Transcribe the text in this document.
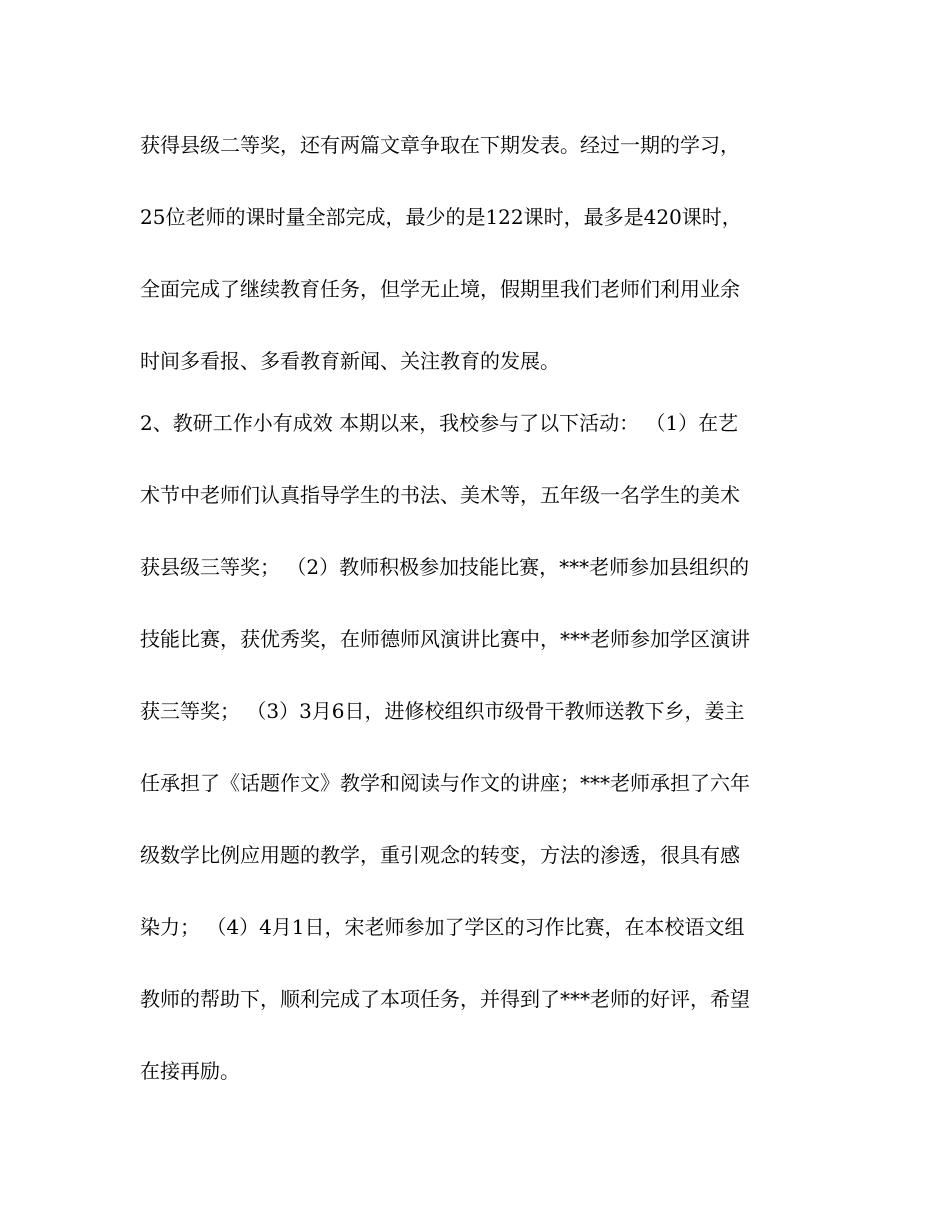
获得县级二等奖，还有两篇文章争取在下期发表。经过一期的学习，
25位老师的课时量全部完成，最少的是122课时，最多是420课时，
全面完成了继续教育任务，但学无止境，假期里我们老师们利用业余
时间多看报、多看教育新闻、关注教育的发展。
2、教研工作小有成效 本期以来，我校参与了以下活动： （1）在艺
术节中老师们认真指导学生的书法、美术等，五年级一名学生的美术
获县级三等奖； （2）教师积极参加技能比赛，***老师参加县组织的
技能比赛，获优秀奖，在师德师风演讲比赛中，***老师参加学区演讲
获三等奖； （3）3月6日，进修校组织市级骨干教师送教下乡，姜主
任承担了《话题作文》教学和阅读与作文的讲座；***老师承担了六年
级数学比例应用题的教学，重引观念的转变，方法的渗透，很具有感
染力； （4）4月1日，宋老师参加了学区的习作比赛，在本校语文组
教师的帮助下，顺利完成了本项任务，并得到了***老师的好评，希望
在接再励。
